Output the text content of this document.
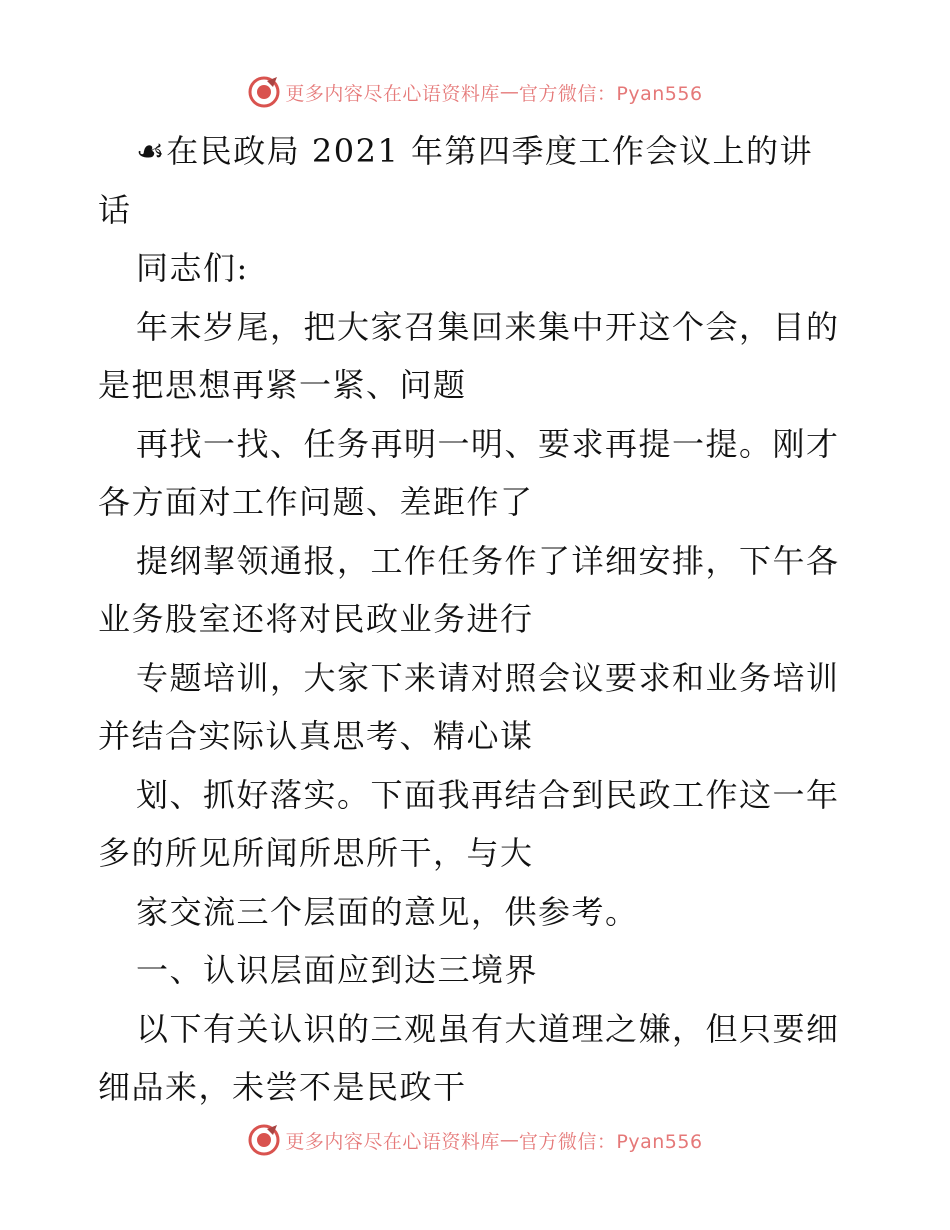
更多内容尽在心语资料库 — 官方微信：Pyan556
☙在民政局 2021 年第四季度工作会议上的讲
话
同志们:
年末岁尾，把大家召集回来集中开这个会，目的
是把思想再紧一紧、问题
再找一找、任务再明一明、要求再提一提。刚才
各方面对工作问题、差距作了
提纲挈领通报，工作任务作了详细安排，下午各
业务股室还将对民政业务进行
专题培训，大家下来请对照会议要求和业务培训
并结合实际认真思考、精心谋
划、抓好落实。下面我再结合到民政工作这一年
多的所见所闻所思所干，与大
家交流三个层面的意见，供参考。
一、认识层面应到达三境界
以下有关认识的三观虽有大道理之嫌，但只要细
细品来，未尝不是民政干
更多内容尽在心语资料库 — 官方微信：Pyan556
